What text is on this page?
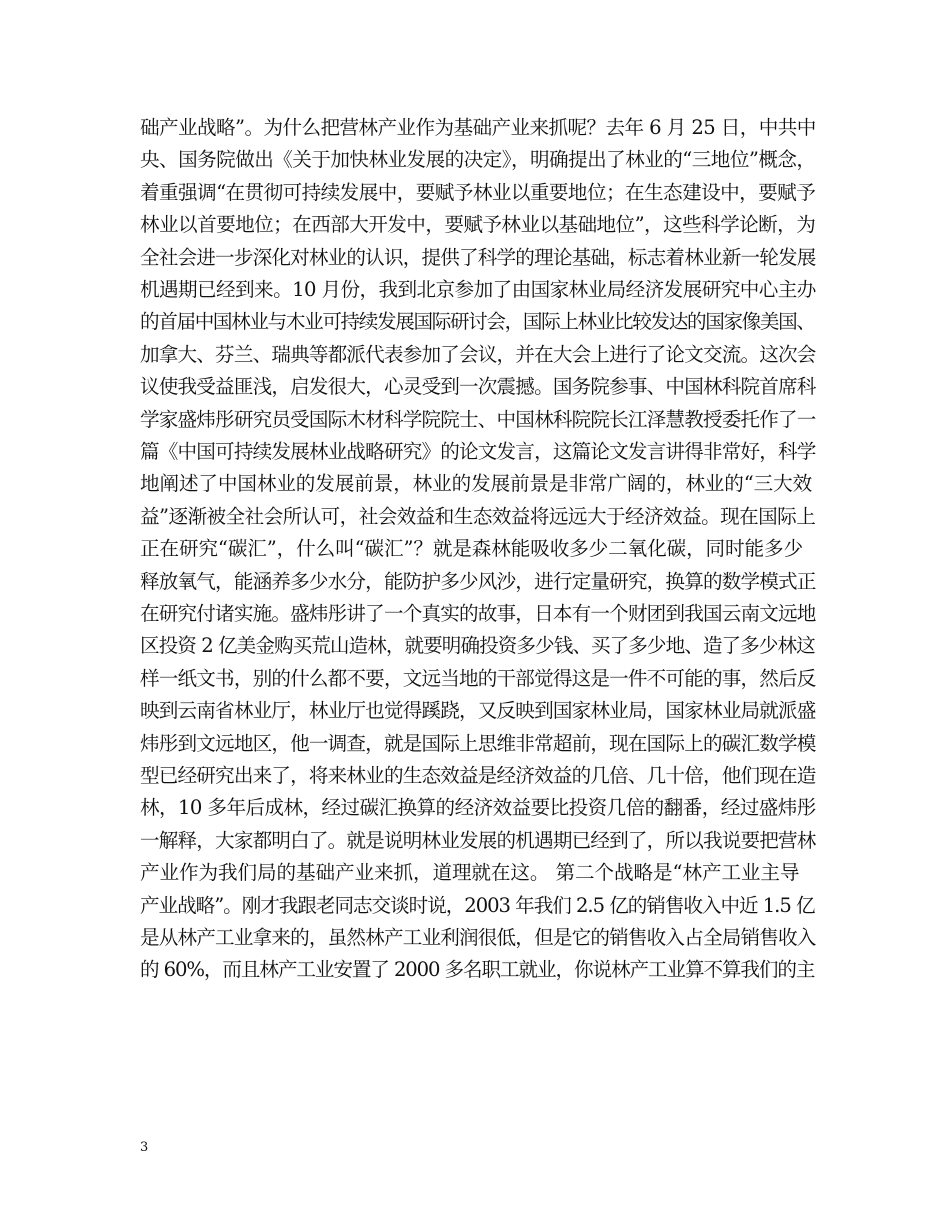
础产业战略”。为什么把营林产业作为基础产业来抓呢？去年 6 月 25 日，中共中
央、国务院做出《关于加快林业发展的决定》，明确提出了林业的“三地位”概念，
着重强调“在贯彻可持续发展中，要赋予林业以重要地位；在生态建设中，要赋予
林业以首要地位；在西部大开发中，要赋予林业以基础地位”，这些科学论断，为
全社会进一步深化对林业的认识，提供了科学的理论基础，标志着林业新一轮发展
机遇期已经到来。10 月份，我到北京参加了由国家林业局经济发展研究中心主办
的首届中国林业与木业可持续发展国际研讨会，国际上林业比较发达的国家像美国、
加拿大、芬兰、瑞典等都派代表参加了会议，并在大会上进行了论文交流。这次会
议使我受益匪浅，启发很大，心灵受到一次震撼。国务院参事、中国林科院首席科
学家盛炜彤研究员受国际木材科学院院士、中国林科院院长江泽慧教授委托作了一
篇《中国可持续发展林业战略研究》的论文发言，这篇论文发言讲得非常好，科学
地阐述了中国林业的发展前景，林业的发展前景是非常广阔的，林业的“三大效
益”逐渐被全社会所认可，社会效益和生态效益将远远大于经济效益。现在国际上
正在研究“碳汇”，什么叫“碳汇”？就是森林能吸收多少二氧化碳，同时能多少
释放氧气，能涵养多少水分，能防护多少风沙，进行定量研究，换算的数学模式正
在研究付诸实施。盛炜彤讲了一个真实的故事，日本有一个财团到我国云南文远地
区投资 2 亿美金购买荒山造林，就要明确投资多少钱、买了多少地、造了多少林这
样一纸文书，别的什么都不要，文远当地的干部觉得这是一件不可能的事，然后反
映到云南省林业厅，林业厅也觉得蹊跷，又反映到国家林业局，国家林业局就派盛
炜彤到文远地区，他一调查，就是国际上思维非常超前，现在国际上的碳汇数学模
型已经研究出来了，将来林业的生态效益是经济效益的几倍、几十倍，他们现在造
林，10 多年后成林，经过碳汇换算的经济效益要比投资几倍的翻番，经过盛炜彤
一解释，大家都明白了。就是说明林业发展的机遇期已经到了，所以我说要把营林
产业作为我们局的基础产业来抓，道理就在这。 第二个战略是“林产工业主导
产业战略”。刚才我跟老同志交谈时说，2003 年我们 2.5 亿的销售收入中近 1.5 亿
是从林产工业拿来的，虽然林产工业利润很低，但是它的销售收入占全局销售收入
的 60%，而且林产工业安置了 2000 多名职工就业，你说林产工业算不算我们的主
3
